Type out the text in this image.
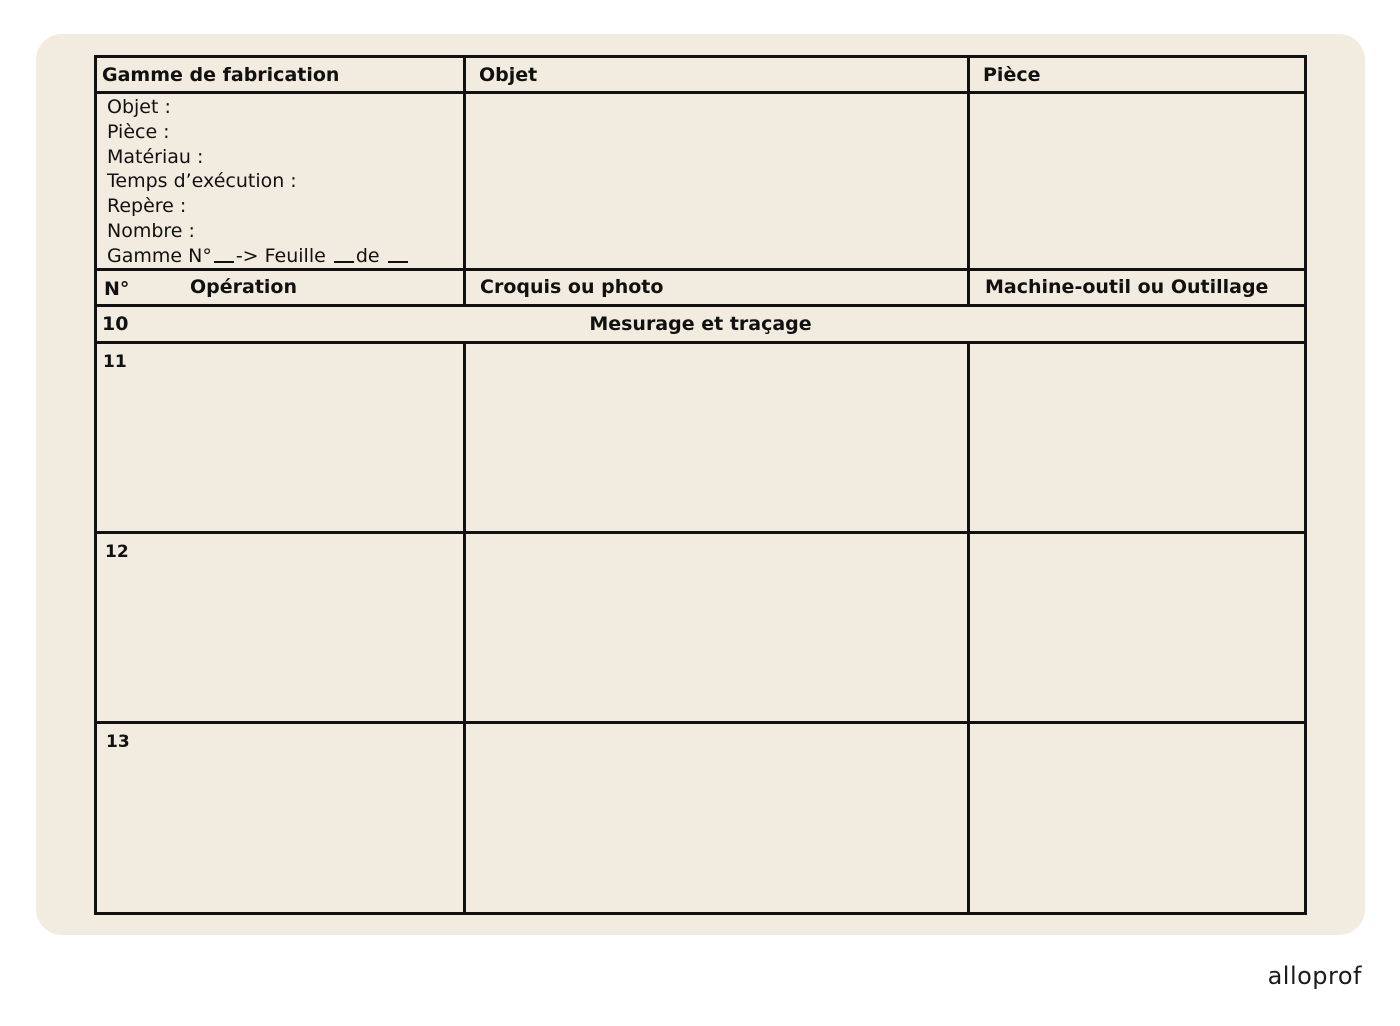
Gamme de fabrication	Objet	Pièce
Objet :
Pièce :
Matériau :
Temps d’exécution :
Repère :
Nombre :
Gamme N° -> Feuille de
N°	Opération	Croquis ou photo	Machine-outil ou Outillage
10	Mesurage et traçage
11
12
13
alloprof
